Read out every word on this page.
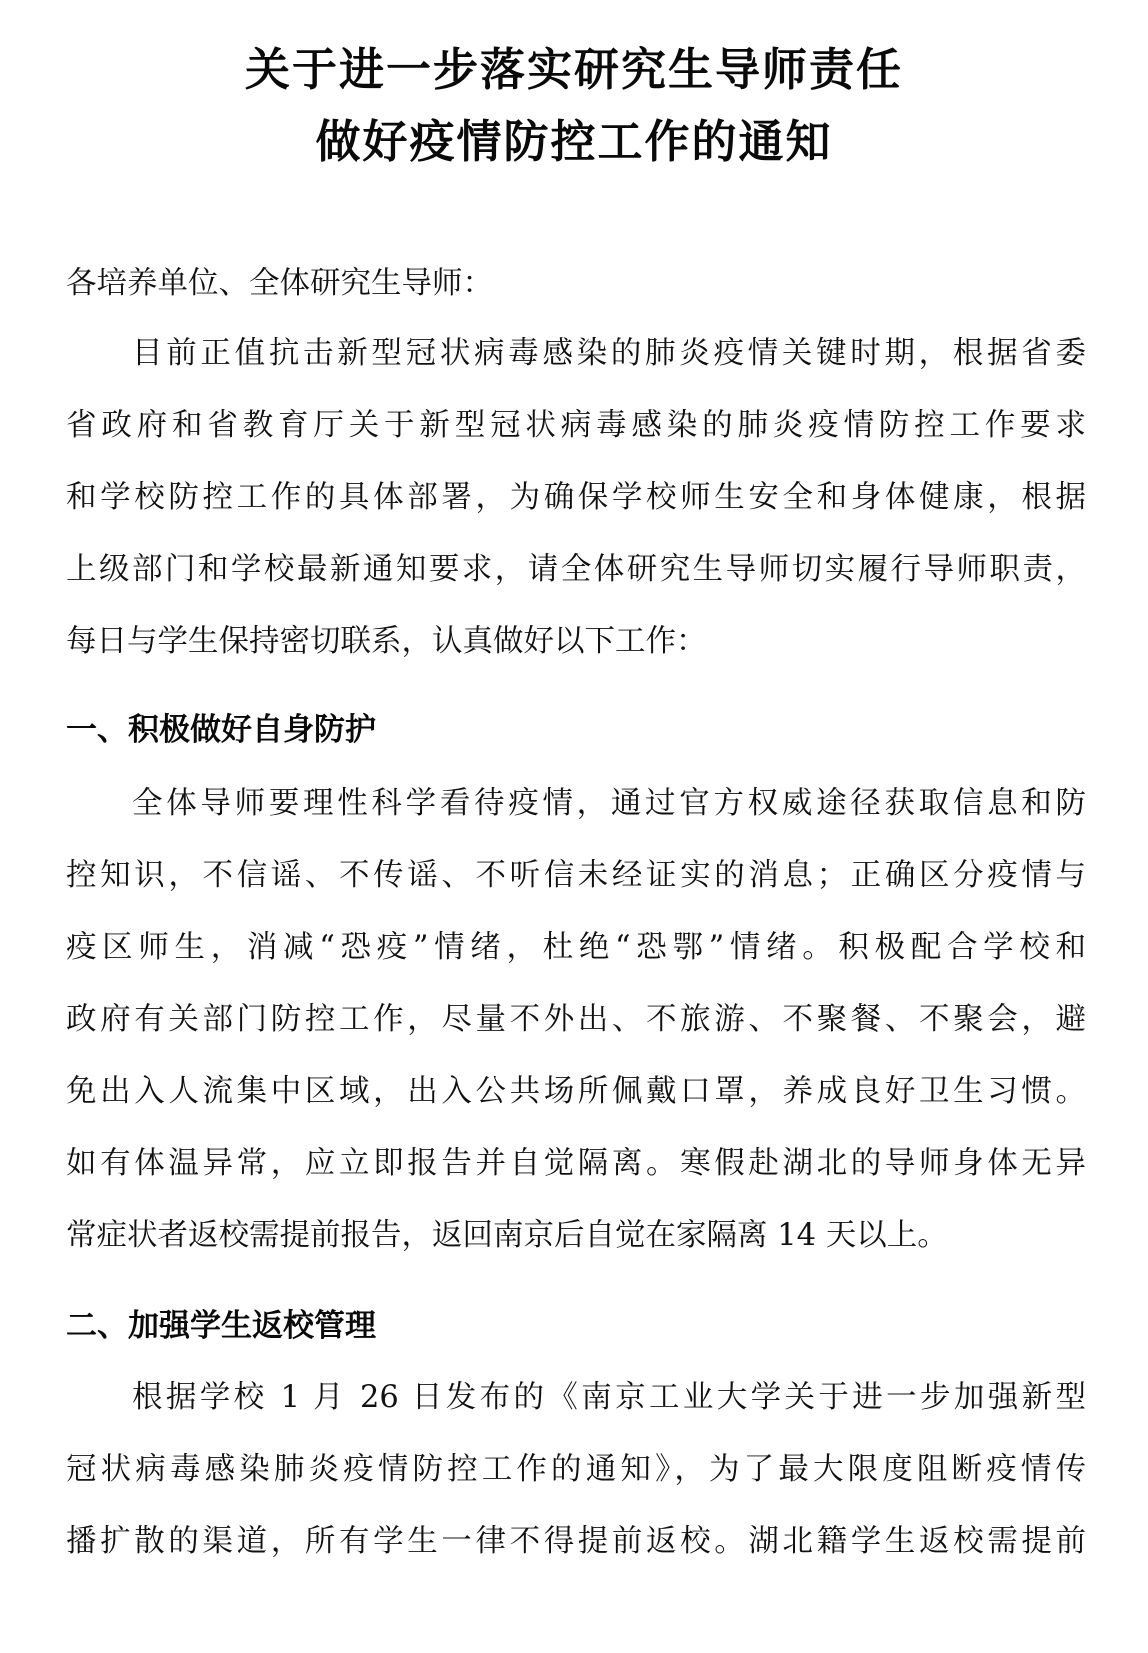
关于进一步落实研究生导师责任
做好疫情防控工作的通知
各培养单位、全体研究生导师：
目前正值抗击新型冠状病毒感染的肺炎疫情关键时期，根据省委
省政府和省教育厅关于新型冠状病毒感染的肺炎疫情防控工作要求
和学校防控工作的具体部署，为确保学校师生安全和身体健康，根据
上级部门和学校最新通知要求，请全体研究生导师切实履行导师职责，
每日与学生保持密切联系，认真做好以下工作：
一、积极做好自身防护
全体导师要理性科学看待疫情，通过官方权威途径获取信息和防
控知识，不信谣、不传谣、不听信未经证实的消息；正确区分疫情与
疫区师生，消减“恐疫”情绪，杜绝“恐鄂”情绪。积极配合学校和
政府有关部门防控工作，尽量不外出、不旅游、不聚餐、不聚会，避
免出入人流集中区域，出入公共场所佩戴口罩，养成良好卫生习惯。
如有体温异常，应立即报告并自觉隔离。寒假赴湖北的导师身体无异
常症状者返校需提前报告，返回南京后自觉在家隔离 14 天以上。
二、加强学生返校管理
根据学校 1 月 26 日发布的《南京工业大学关于进一步加强新型
冠状病毒感染肺炎疫情防控工作的通知》，为了最大限度阻断疫情传
播扩散的渠道，所有学生一律不得提前返校。湖北籍学生返校需提前
